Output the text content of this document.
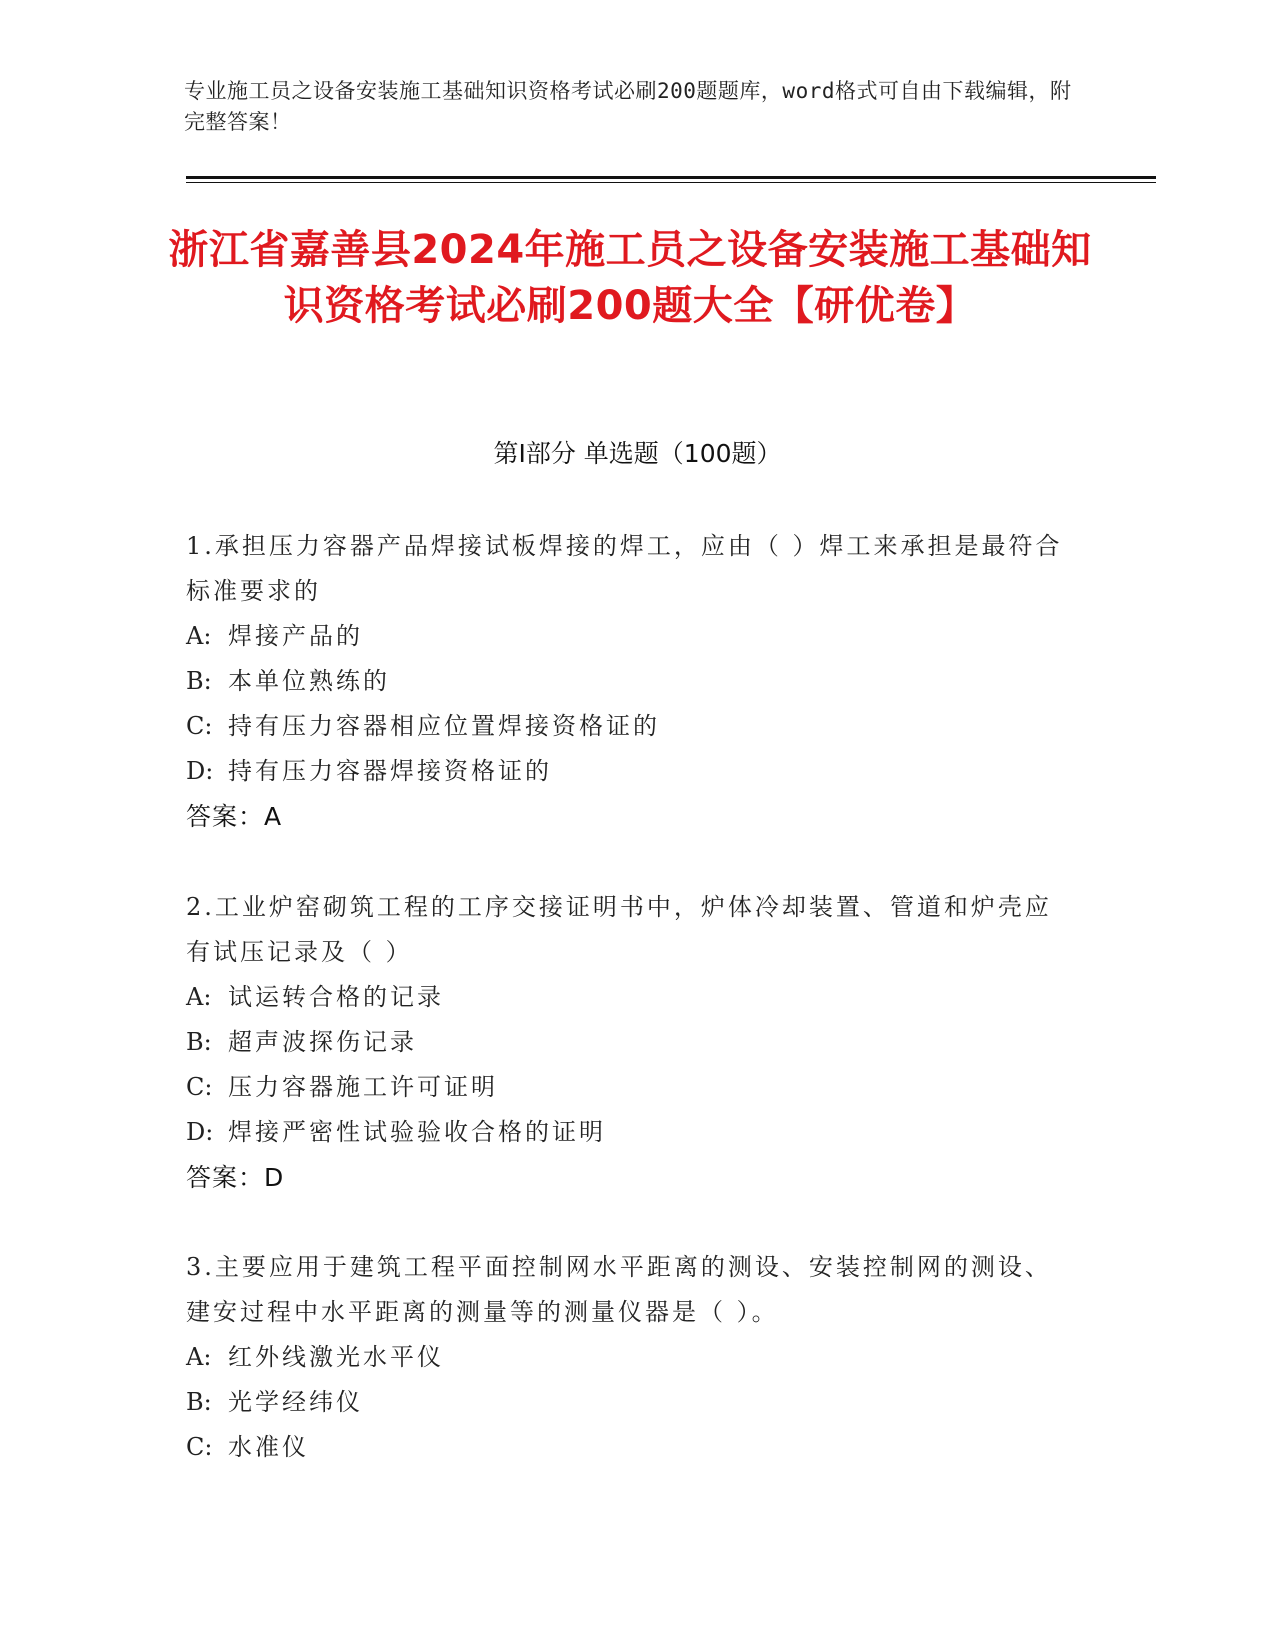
专业施工员之设备安装施工基础知识资格考试必刷200题题库，word格式可自由下载编辑，附完整答案！
浙江省嘉善县2024年施工员之设备安装施工基础知识资格考试必刷200题大全【研优卷】
第I部分 单选题（100题）

1.承担压力容器产品焊接试板焊接的焊工，应由（ ）焊工来承担是最符合标准要求的

A: 焊接产品的

B: 本单位熟练的

C: 持有压力容器相应位置焊接资格证的

D: 持有压力容器焊接资格证的

答案：A

2.工业炉窑砌筑工程的工序交接证明书中，炉体冷却装置、管道和炉壳应有试压记录及（ ）

A: 试运转合格的记录

B: 超声波探伤记录

C: 压力容器施工许可证明

D: 焊接严密性试验验收合格的证明

答案：D

3.主要应用于建筑工程平面控制网水平距离的测设、安装控制网的测设、建安过程中水平距离的测量等的测量仪器是（ ）。

A: 红外线激光水平仪

B: 光学经纬仪

C: 水准仪
